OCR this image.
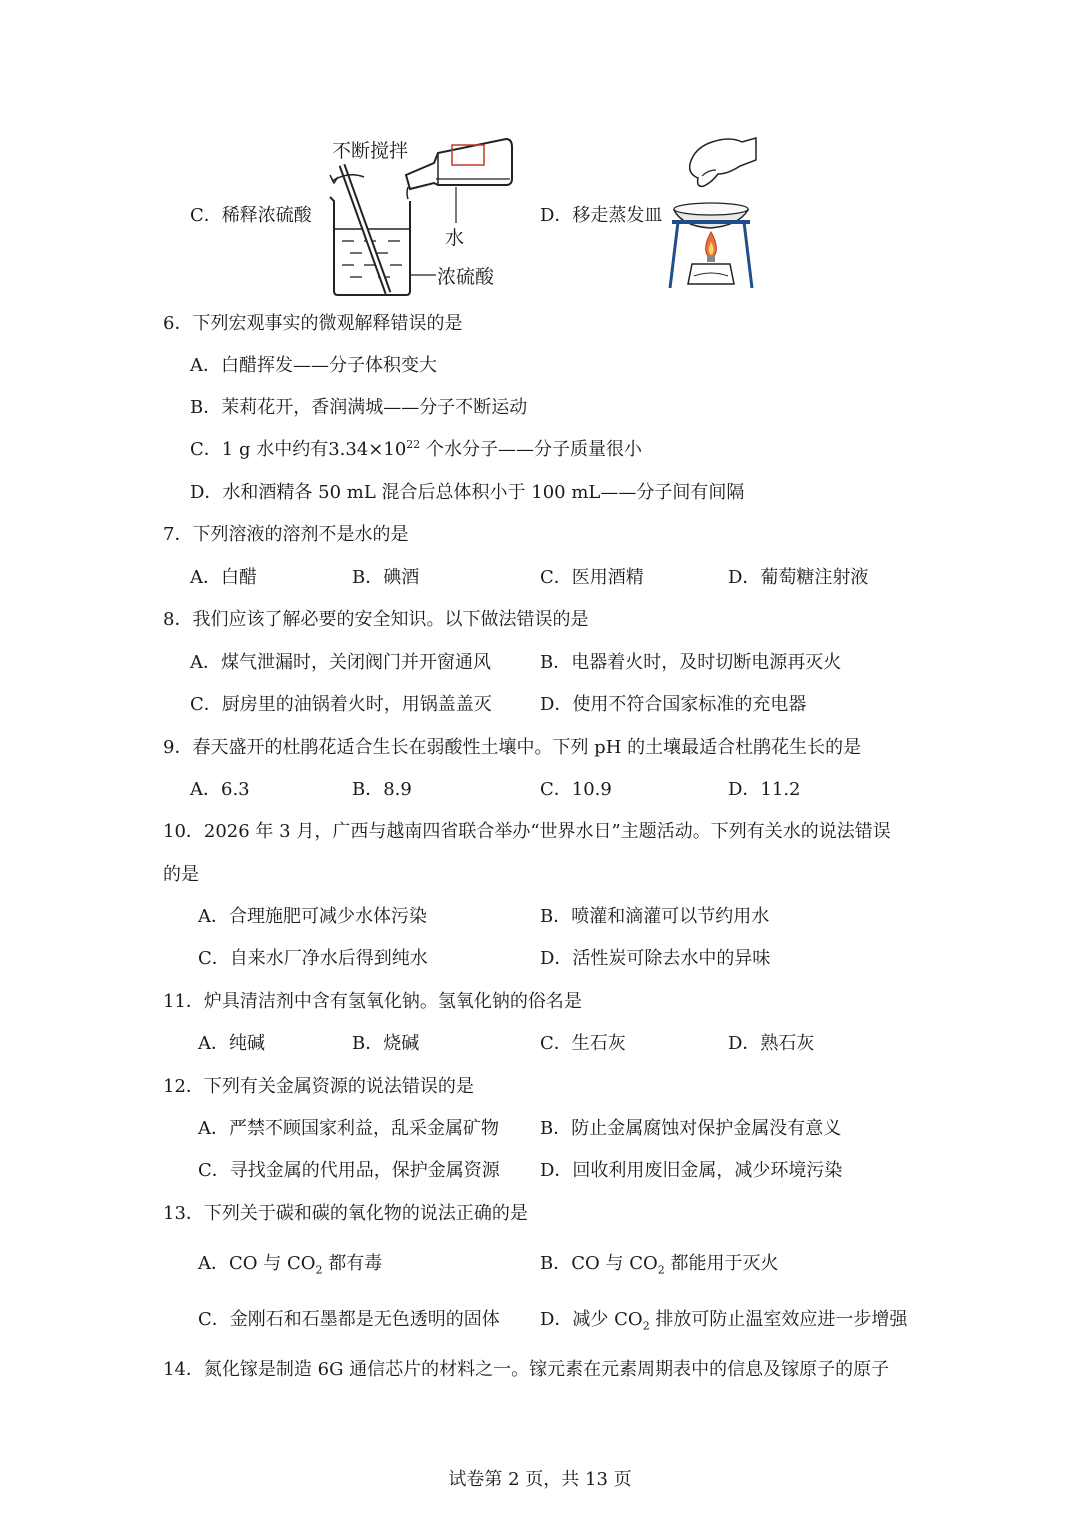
C．稀释浓硫酸
不断搅拌
水
浓硫酸
D．移走蒸发皿
6．下列宏观事实的微观解释错误的是
A．白醋挥发——分子体积变大
B．茉莉花开，香润满城——分子不断运动
C．1 g 水中约有$3.34\times 10^{22}$ 个水分子——分子质量很小
D．水和酒精各 50 mL 混合后总体积小于 100 mL——分子间有间隔
7．下列溶液的溶剂不是水的是
A．白醋	B．碘酒	C．医用酒精	D．葡萄糖注射液
8．我们应该了解必要的安全知识。以下做法错误的是
A．煤气泄漏时，关闭阀门并开窗通风	B．电器着火时，及时切断电源再灭火
C．厨房里的油锅着火时，用锅盖盖灭	D．使用不符合国家标准的充电器
9．春天盛开的杜鹃花适合生长在弱酸性土壤中。下列 pH 的土壤最适合杜鹃花生长的是
A．6.3	B．8.9	C．10.9	D．11.2
10．2026 年 3 月，广西与越南四省联合举办“世界水日”主题活动。下列有关水的说法错误
的是
A．合理施肥可减少水体污染	B．喷灌和滴灌可以节约用水
C．自来水厂净水后得到纯水	D．活性炭可除去水中的异味
11．炉具清洁剂中含有氢氧化钠。氢氧化钠的俗名是
A．纯碱	B．烧碱	C．生石灰	D．熟石灰
12．下列有关金属资源的说法错误的是
A．严禁不顾国家利益，乱采金属矿物 B．防止金属腐蚀对保护金属没有意义
C．寻找金属的代用品，保护金属资源 D．回收利用废旧金属，减少环境污染
13．下列关于碳和碳的氧化物的说法正确的是
A．CO 与 $CO_2$ 都有毒	B．CO 与 $CO_2$ 都能用于灭火
C．金刚石和石墨都是无色透明的固体 D．减少 $CO_2$ 排放可防止温室效应进一步增强
14．氮化镓是制造 6G 通信芯片的材料之一。镓元素在元素周期表中的信息及镓原子的原子
试卷第 2 页，共 13 页
